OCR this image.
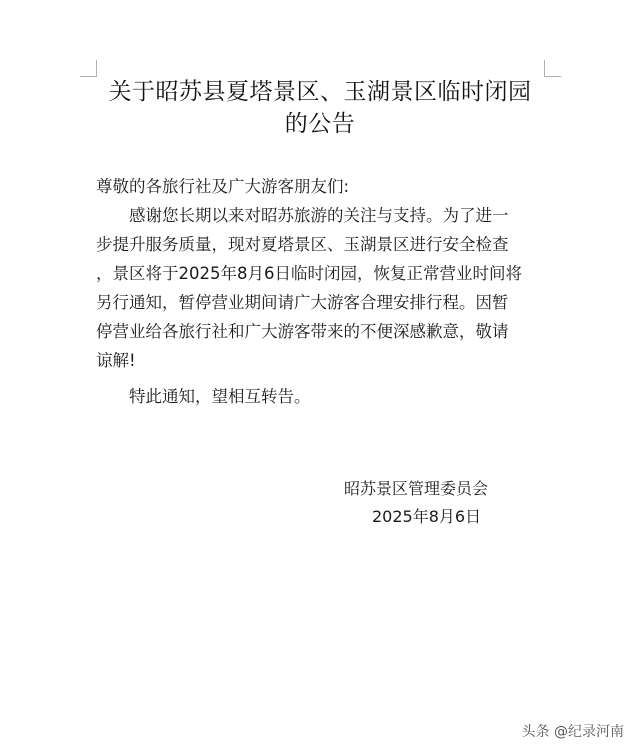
关于昭苏县夏塔景区、玉湖景区临时闭园
的公告
尊敬的各旅行社及广大游客朋友们:
感谢您长期以来对昭苏旅游的关注与支持。为了进一
步提升服务质量，现对夏塔景区、玉湖景区进行安全检查
，景区将于2025年8月6日临时闭园，恢复正常营业时间将
另行通知，暂停营业期间请广大游客合理安排行程。因暂
停营业给各旅行社和广大游客带来的不便深感歉意，敬请
谅解!
特此通知，望相互转告。
昭苏景区管理委员会
2025年8月6日
头条 @纪录河南
